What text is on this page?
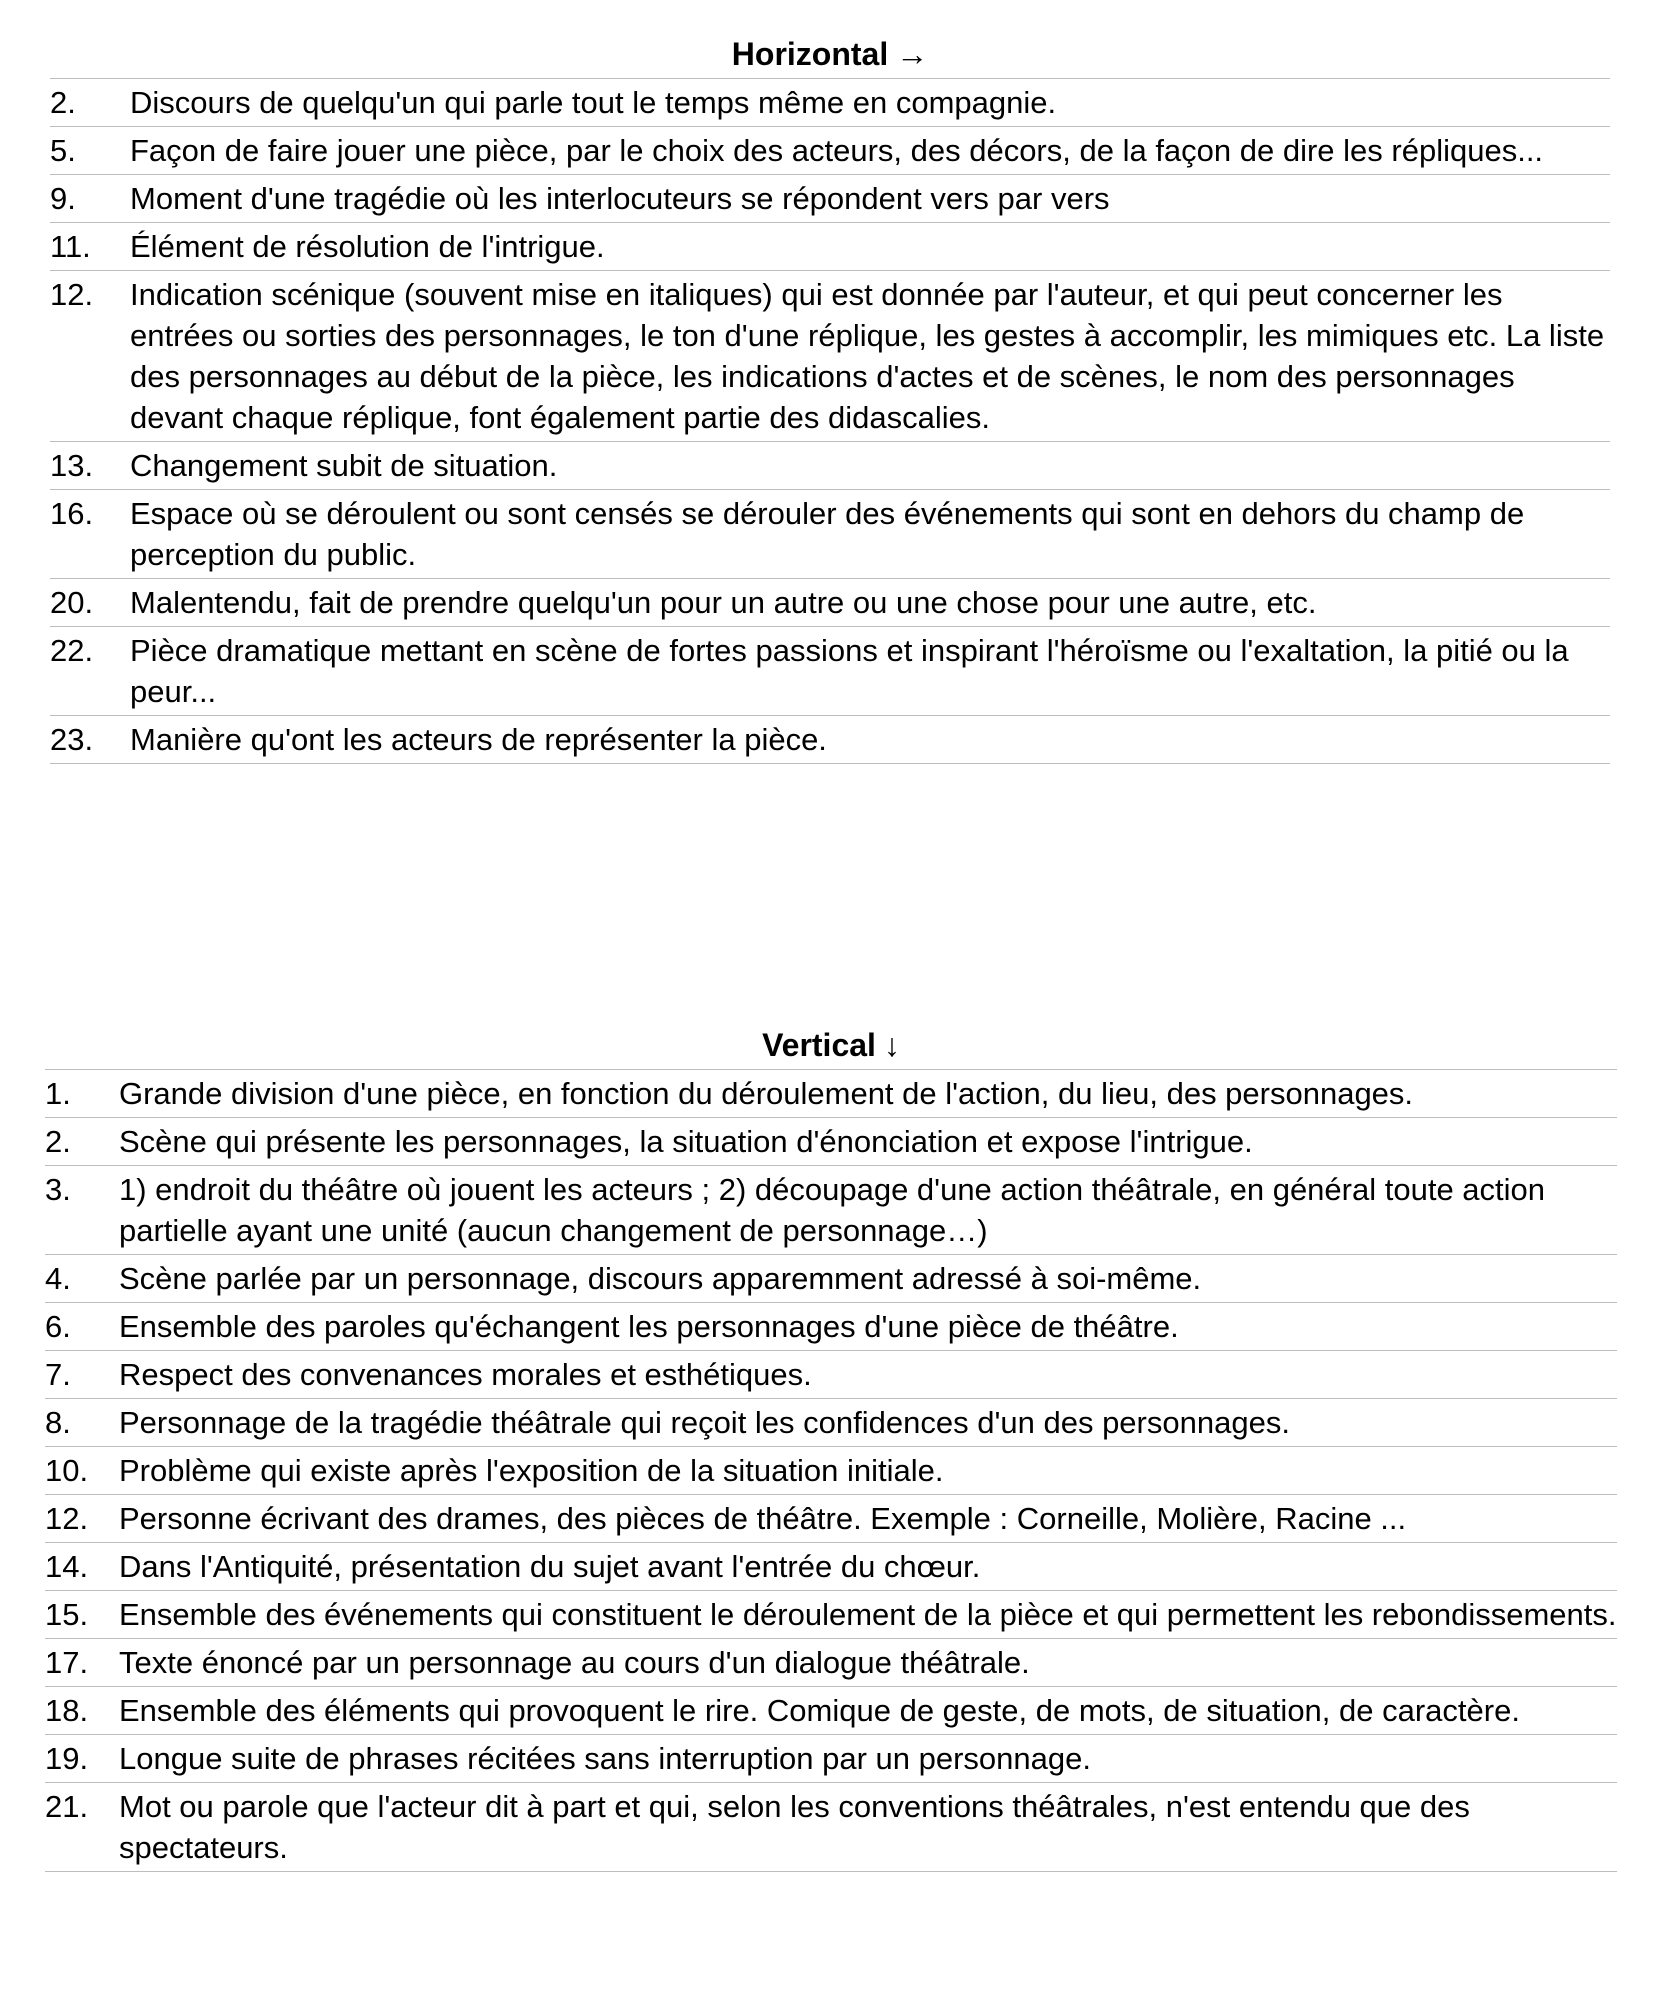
Horizontal →
2.	Discours de quelqu'un qui parle tout le temps même en compagnie.
5.	Façon de faire jouer une pièce, par le choix des acteurs, des décors, de la façon de dire les répliques...
9.	Moment d'une tragédie où les interlocuteurs se répondent vers par vers
11.	Élément de résolution de l'intrigue.
12.	Indication scénique (souvent mise en italiques) qui est donnée par l'auteur, et qui peut concerner les entrées ou sorties des personnages, le ton d'une réplique, les gestes à accomplir, les mimiques etc. La liste des personnages au début de la pièce, les indications d'actes et de scènes, le nom des personnages devant chaque réplique, font également partie des didascalies.
13.	Changement subit de situation.
16.	Espace où se déroulent ou sont censés se dérouler des événements qui sont en dehors du champ de perception du public.
20.	Malentendu, fait de prendre quelqu'un pour un autre ou une chose pour une autre, etc.
22.	Pièce dramatique mettant en scène de fortes passions et inspirant l'héroïsme ou l'exaltation, la pitié ou la peur...
23.	Manière qu'ont les acteurs de représenter la pièce.
Vertical ↓
1.	Grande division d'une pièce, en fonction du déroulement de l'action, du lieu, des personnages.
2.	Scène qui présente les personnages, la situation d'énonciation et expose l'intrigue.
3.	1) endroit du théâtre où jouent les acteurs ; 2) découpage d'une action théâtrale, en général toute action partielle ayant une unité (aucun changement de personnage…)
4.	Scène parlée par un personnage, discours apparemment adressé à soi-même.
6.	Ensemble des paroles qu'échangent les personnages d'une pièce de théâtre.
7.	Respect des convenances morales et esthétiques.
8.	Personnage de la tragédie théâtrale qui reçoit les confidences d'un des personnages.
10. Problème qui existe après l'exposition de la situation initiale.
12. Personne écrivant des drames, des pièces de théâtre. Exemple : Corneille, Molière, Racine ...
14. Dans l'Antiquité, présentation du sujet avant l'entrée du chœur.
15. Ensemble des événements qui constituent le déroulement de la pièce et qui permettent les rebondissements.
17. Texte énoncé par un personnage au cours d'un dialogue théâtrale.
18. Ensemble des éléments qui provoquent le rire. Comique de geste, de mots, de situation, de caractère.
19. Longue suite de phrases récitées sans interruption par un personnage.
21. Mot ou parole que l'acteur dit à part et qui, selon les conventions théâtrales, n'est entendu que des spectateurs.
